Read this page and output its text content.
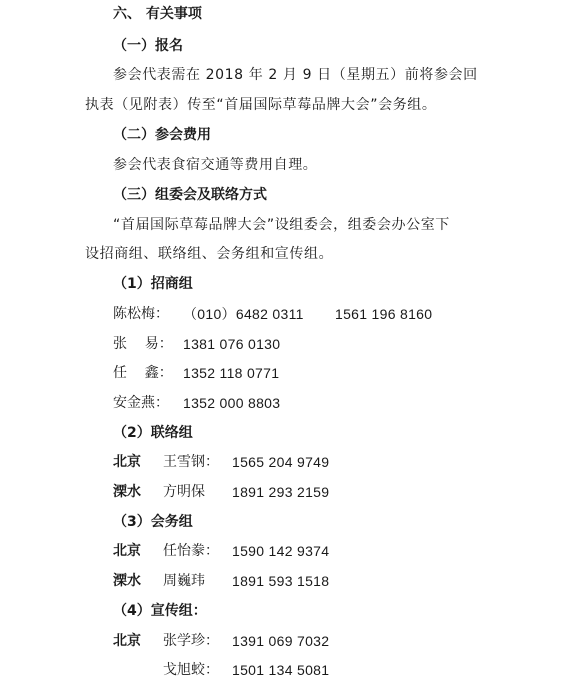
六、 有关事项
（一）报名
参会代表需在 2018 年 2 月 9 日（星期五）前将参会回
执表（见附表）传至“首届国际草莓品牌大会”会务组。
（二）参会费用
参会代表食宿交通等费用自理。
（三）组委会及联络方式
“首届国际草莓品牌大会”设组委会，组委会办公室下
设招商组、联络组、会务组和宣传组。
（1）招商组
陈松梅： （010）6482 0311 1561 196 8160
张    易： 1381 076 0130
任    鑫： 1352 118 0771
安金燕： 1352 000 8803
（2）联络组
北京 王雪钢： 1565 204 9749
溧水 方明保 1891 293 2159
（3）会务组
北京 任怡豢： 1590 142 9374
溧水 周巍玮 1891 593 1518
（4）宣传组：
北京 张学珍： 1391 069 7032
戈旭蛟： 1501 134 5081
